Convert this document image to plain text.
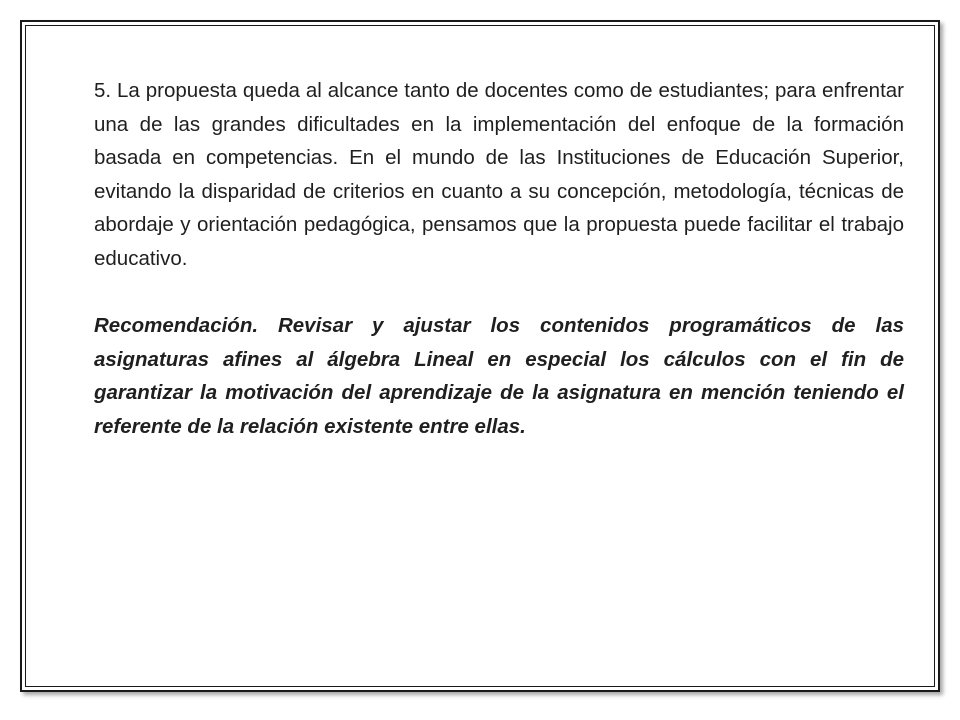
5. La propuesta queda al alcance tanto de docentes como de estudiantes; para enfrentar una de las grandes dificultades en la implementación del enfoque de la formación basada en competencias. En el mundo de las Instituciones de Educación Superior, evitando la disparidad de criterios en cuanto a su concepción, metodología, técnicas de abordaje y orientación pedagógica, pensamos que la propuesta puede facilitar el trabajo educativo.

Recomendación. Revisar y ajustar los contenidos programáticos de las asignaturas afines al álgebra Lineal en especial los cálculos con el fin de garantizar la motivación del aprendizaje de la asignatura en mención teniendo el referente de la relación existente entre ellas.
